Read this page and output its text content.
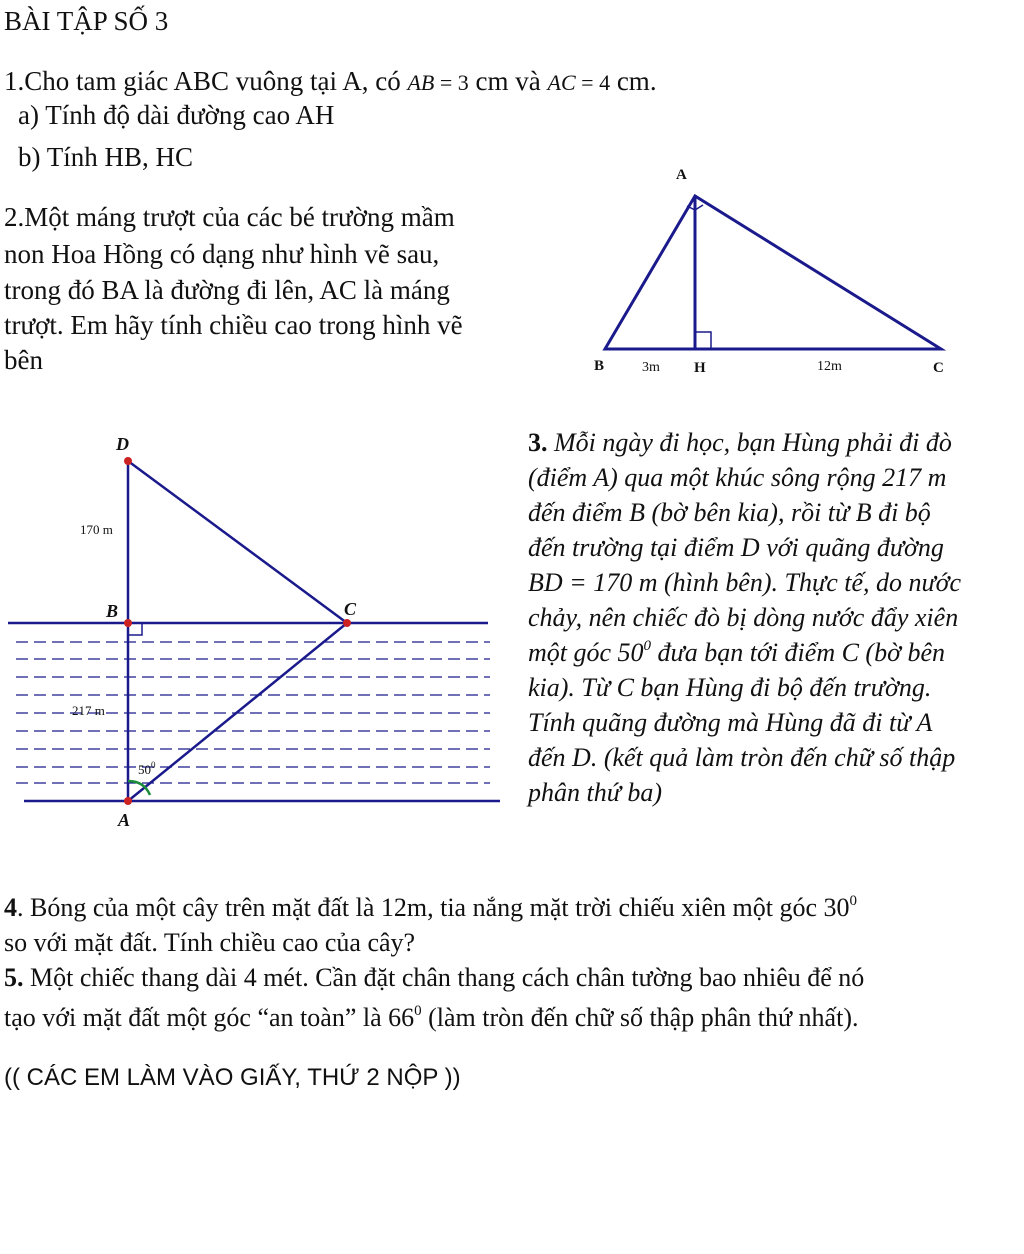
BÀI TẬP SỐ 3
1.Cho tam giác ABC vuông tại A, có AB = 3 cm và AC = 4 cm.
a) Tính độ dài đường cao AH
b) Tính HB, HC
2.Một máng trượt của các bé trường mầm
non Hoa Hồng có dạng như hình vẽ sau,
trong đó BA là đường đi lên, AC là máng
trượt. Em hãy tính chiều cao trong hình vẽ
bên
A
B	H	C
3m	12m
D
B	C
A
170 m
217 m
$50^0$
3. Mỗi ngày đi học, bạn Hùng phải đi đò
(điểm A) qua một khúc sông rộng 217 m
đến điểm B (bờ bên kia), rồi từ B đi bộ
đến trường tại điểm D với quãng đường
BD = 170 m (hình bên). Thực tế, do nước
chảy, nên chiếc đò bị dòng nước đẩy xiên
một góc $50^0$ đưa bạn tới điểm C (bờ bên
kia). Từ C bạn Hùng đi bộ đến trường.
Tính quãng đường mà Hùng đã đi từ A
đến D. (kết quả làm tròn đến chữ số thập
phân thứ ba)
4. Bóng của một cây trên mặt đất là 12m, tia nắng mặt trời chiếu xiên một góc $30^0$
so với mặt đất. Tính chiều cao của cây?
5. Một chiếc thang dài 4 mét. Cần đặt chân thang cách chân tường bao nhiêu để nó
tạo với mặt đất một góc “an toàn” là $66^0$ (làm tròn đến chữ số thập phân thứ nhất).
(( CÁC EM LÀM VÀO GIẤY, THỨ 2 NỘP ))
